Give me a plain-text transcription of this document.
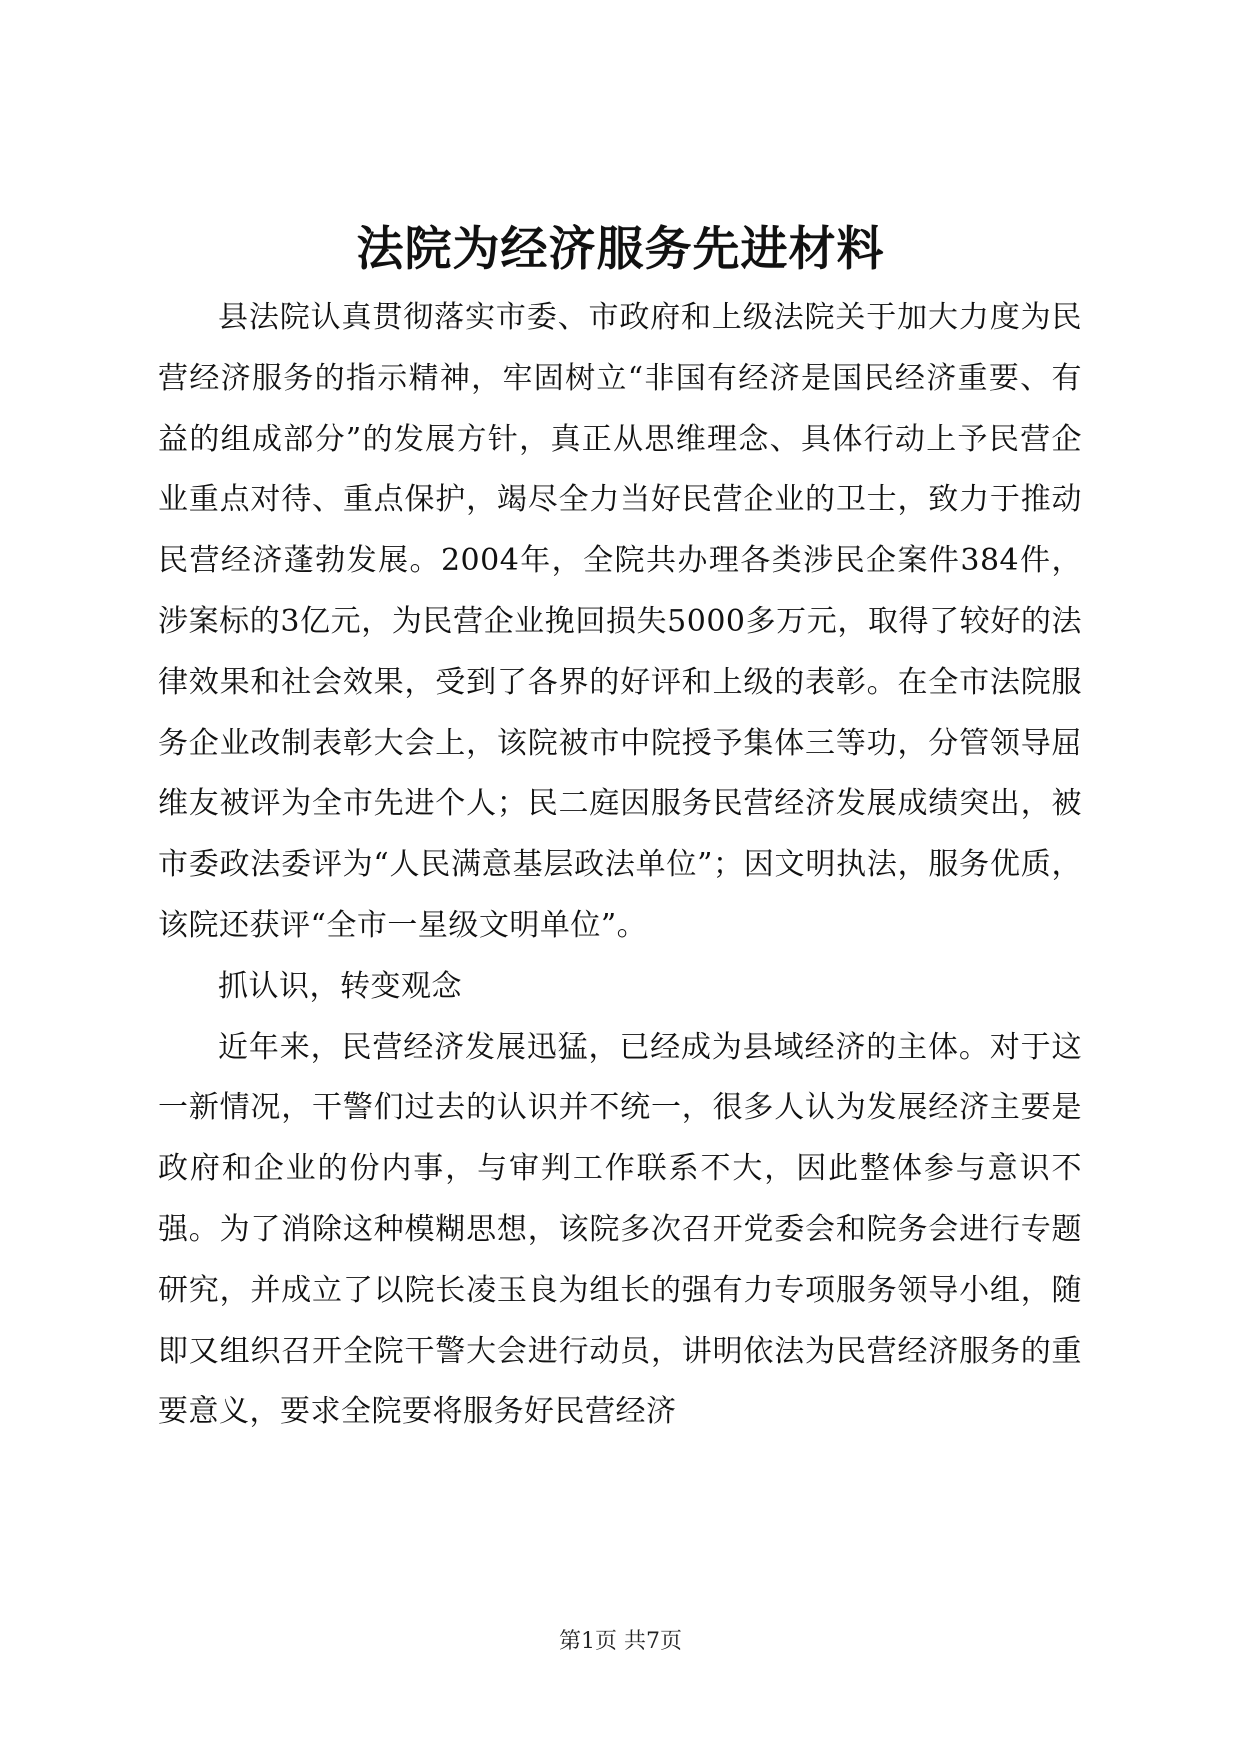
法院为经济服务先进材料

县法院认真贯彻落实市委、市政府和上级法院关于加大力度为民营经济服务的指示精神，牢固树立“非国有经济是国民经济重要、有益的组成部分”的发展方针，真正从思维理念、具体行动上予民营企业重点对待、重点保护，竭尽全力当好民营企业的卫士，致力于推动民营经济蓬勃发展。2004年，全院共办理各类涉民企案件384件，涉案标的3亿元，为民营企业挽回损失5000多万元，取得了较好的法律效果和社会效果，受到了各界的好评和上级的表彰。在全市法院服务企业改制表彰大会上，该院被市中院授予集体三等功，分管领导屈维友被评为全市先进个人；民二庭因服务民营经济发展成绩突出，被市委政法委评为“人民满意基层政法单位”；因文明执法，服务优质，该院还获评“全市一星级文明单位”。

抓认识，转变观念

近年来，民营经济发展迅猛，已经成为县域经济的主体。对于这一新情况，干警们过去的认识并不统一，很多人认为发展经济主要是政府和企业的份内事，与审判工作联系不大，因此整体参与意识不强。为了消除这种模糊思想，该院多次召开党委会和院务会进行专题研究，并成立了以院长凌玉良为组长的强有力专项服务领导小组，随即又组织召开全院干警大会进行动员，讲明依法为民营经济服务的重要意义，要求全院要将服务好民营经济

第1页 共7页
